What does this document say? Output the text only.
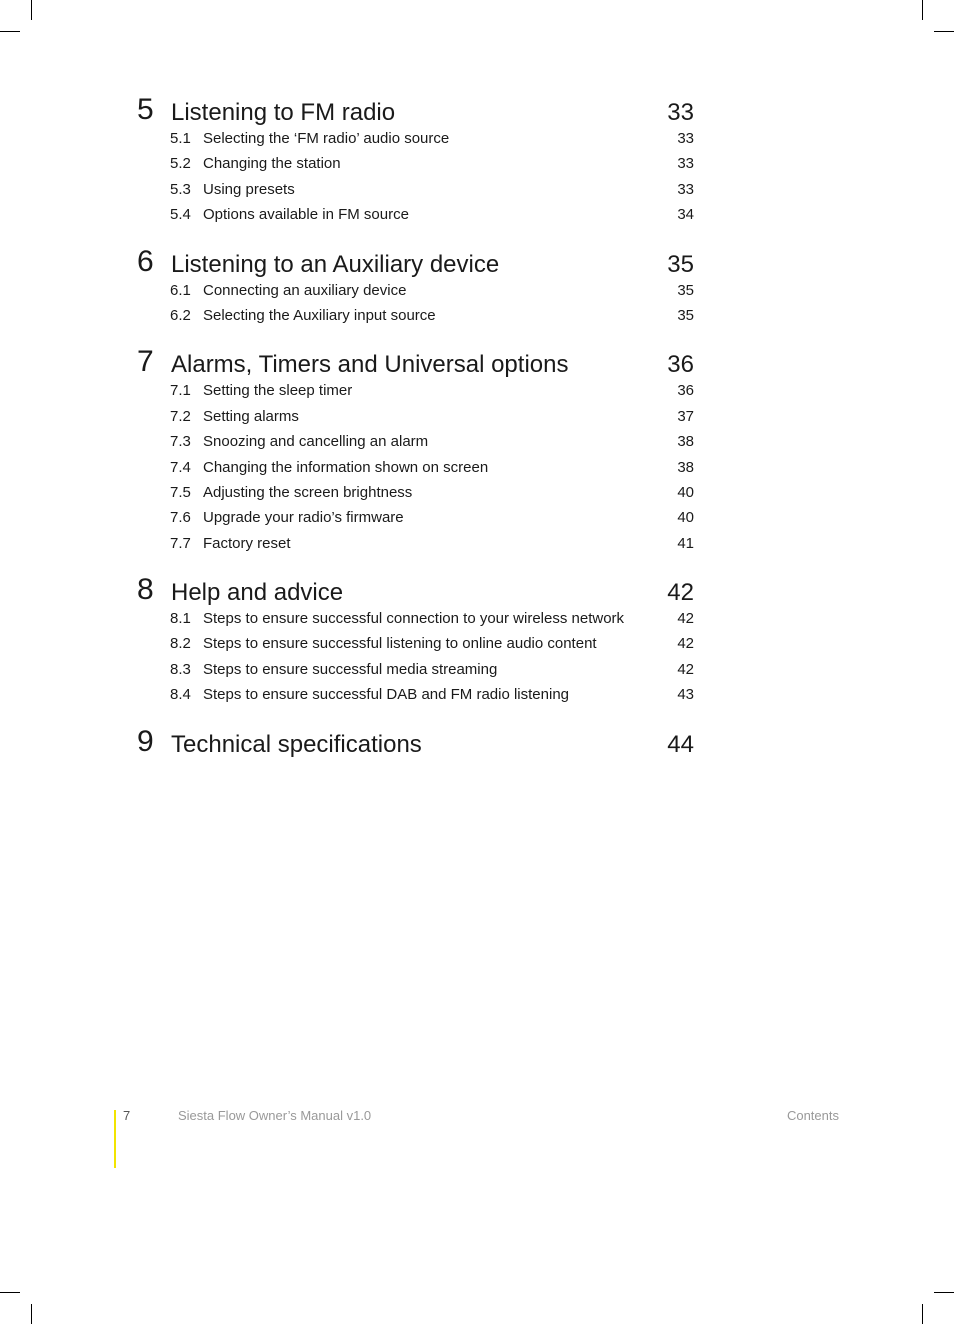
5 Listening to FM radio	33
5.1 Selecting the ‘FM radio’ audio source	33
5.2 Changing the station	33
5.3 Using presets	33
5.4 Options available in FM source	34
6 Listening to an Auxiliary device	35
6.1 Connecting an auxiliary device	35
6.2 Selecting the Auxiliary input source	35
7 Alarms, Timers and Universal options	36
7.1 Setting the sleep timer	36
7.2 Setting alarms	37
7.3 Snoozing and cancelling an alarm	38
7.4 Changing the information shown on screen	38
7.5 Adjusting the screen brightness	40
7.6 Upgrade your radio’s firmware	40
7.7 Factory reset	41
8 Help and advice	42
8.1 Steps to ensure successful connection to your wireless network	42
8.2 Steps to ensure successful listening to online audio content	42
8.3 Steps to ensure successful media streaming	42
8.4 Steps to ensure successful DAB and FM radio listening	43
9 Technical specifications	44
7	Siesta Flow Owner’s Manual v1.0	Contents
